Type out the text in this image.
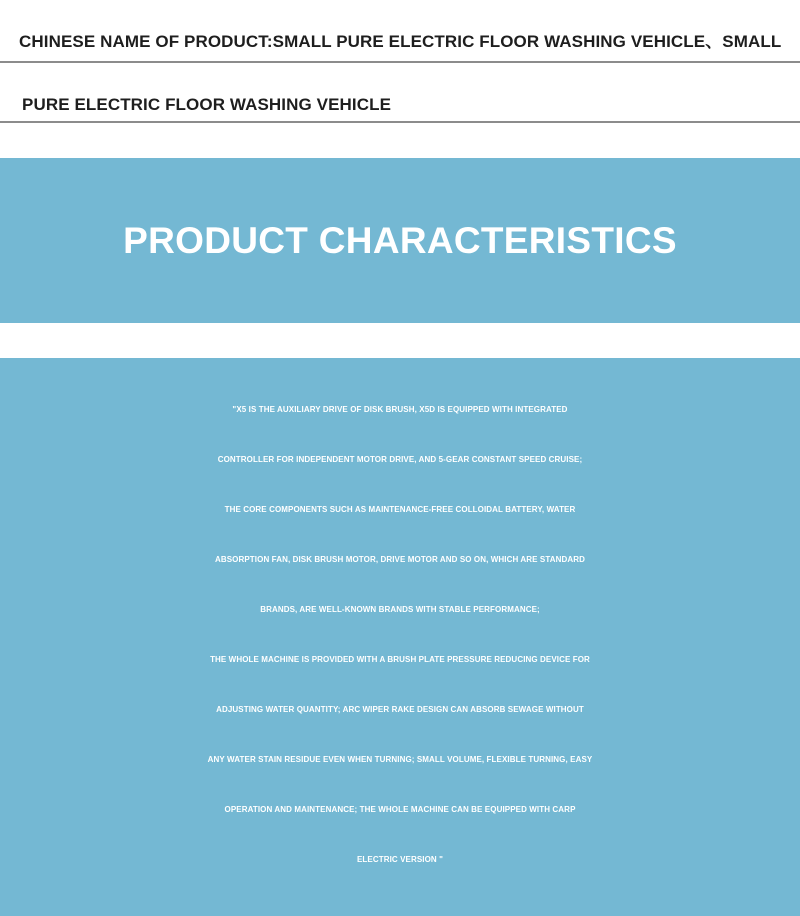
CHINESE NAME OF PRODUCT:SMALL PURE ELECTRIC FLOOR WASHING VEHICLE、SMALL
PURE ELECTRIC FLOOR WASHING VEHICLE
PRODUCT CHARACTERISTICS
"X5 IS THE AUXILIARY DRIVE OF DISK BRUSH, X5D IS EQUIPPED WITH INTEGRATED
CONTROLLER FOR INDEPENDENT MOTOR DRIVE, AND 5-GEAR CONSTANT SPEED CRUISE;
THE CORE COMPONENTS SUCH AS MAINTENANCE-FREE COLLOIDAL BATTERY, WATER
ABSORPTION FAN, DISK BRUSH MOTOR, DRIVE MOTOR AND SO ON, WHICH ARE STANDARD
BRANDS, ARE WELL-KNOWN BRANDS WITH STABLE PERFORMANCE;
THE WHOLE MACHINE IS PROVIDED WITH A BRUSH PLATE PRESSURE REDUCING DEVICE FOR
ADJUSTING WATER QUANTITY; ARC WIPER RAKE DESIGN CAN ABSORB SEWAGE WITHOUT
ANY WATER STAIN RESIDUE EVEN WHEN TURNING; SMALL VOLUME, FLEXIBLE TURNING, EASY
OPERATION AND MAINTENANCE; THE WHOLE MACHINE CAN BE EQUIPPED WITH CARP
ELECTRIC VERSION "
